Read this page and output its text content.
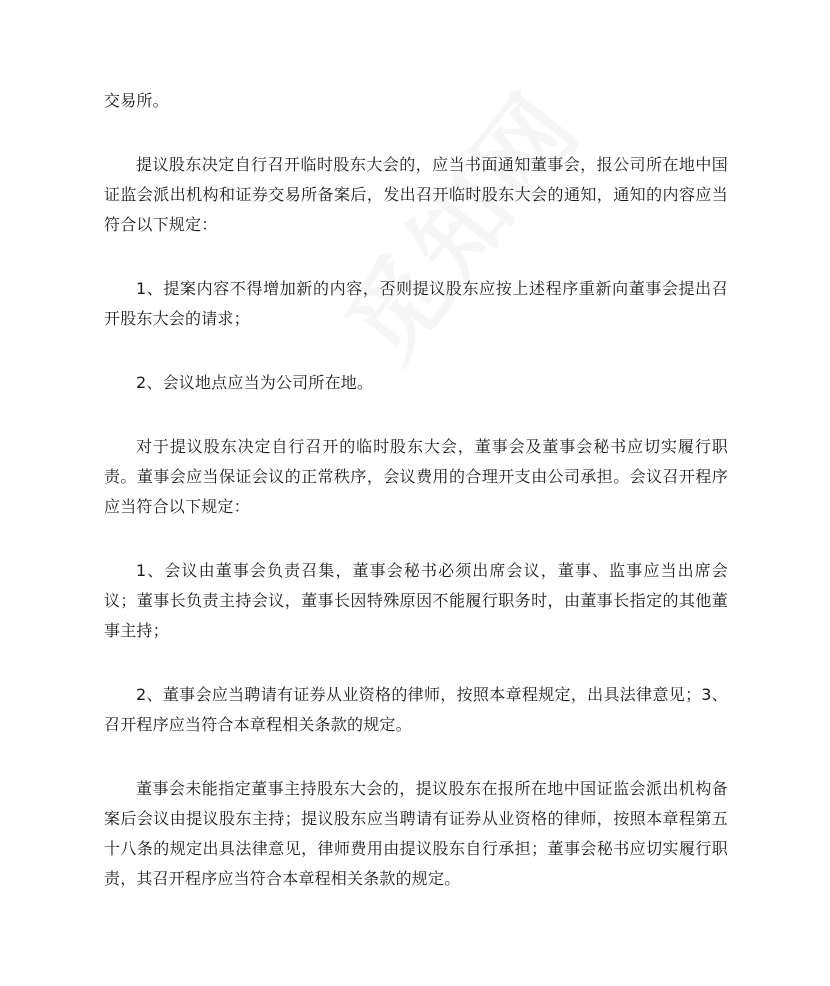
交易所。

提议股东决定自行召开临时股东大会的，应当书面通知董事会，报公司所在地中国证监会派出机构和证券交易所备案后，发出召开临时股东大会的通知，通知的内容应当符合以下规定：

1、提案内容不得增加新的内容，否则提议股东应按上述程序重新向董事会提出召开股东大会的请求；

2、会议地点应当为公司所在地。

对于提议股东决定自行召开的临时股东大会，董事会及董事会秘书应切实履行职责。董事会应当保证会议的正常秩序，会议费用的合理开支由公司承担。会议召开程序应当符合以下规定：

1、会议由董事会负责召集，董事会秘书必须出席会议，董事、监事应当出席会议；董事长负责主持会议，董事长因特殊原因不能履行职务时，由董事长指定的其他董事主持；

2、董事会应当聘请有证券从业资格的律师，按照本章程规定，出具法律意见；3、召开程序应当符合本章程相关条款的规定。

董事会未能指定董事主持股东大会的，提议股东在报所在地中国证监会派出机构备案后会议由提议股东主持；提议股东应当聘请有证券从业资格的律师，按照本章程第五十八条的规定出具法律意见，律师费用由提议股东自行承担；董事会秘书应切实履行职责，其召开程序应当符合本章程相关条款的规定。
